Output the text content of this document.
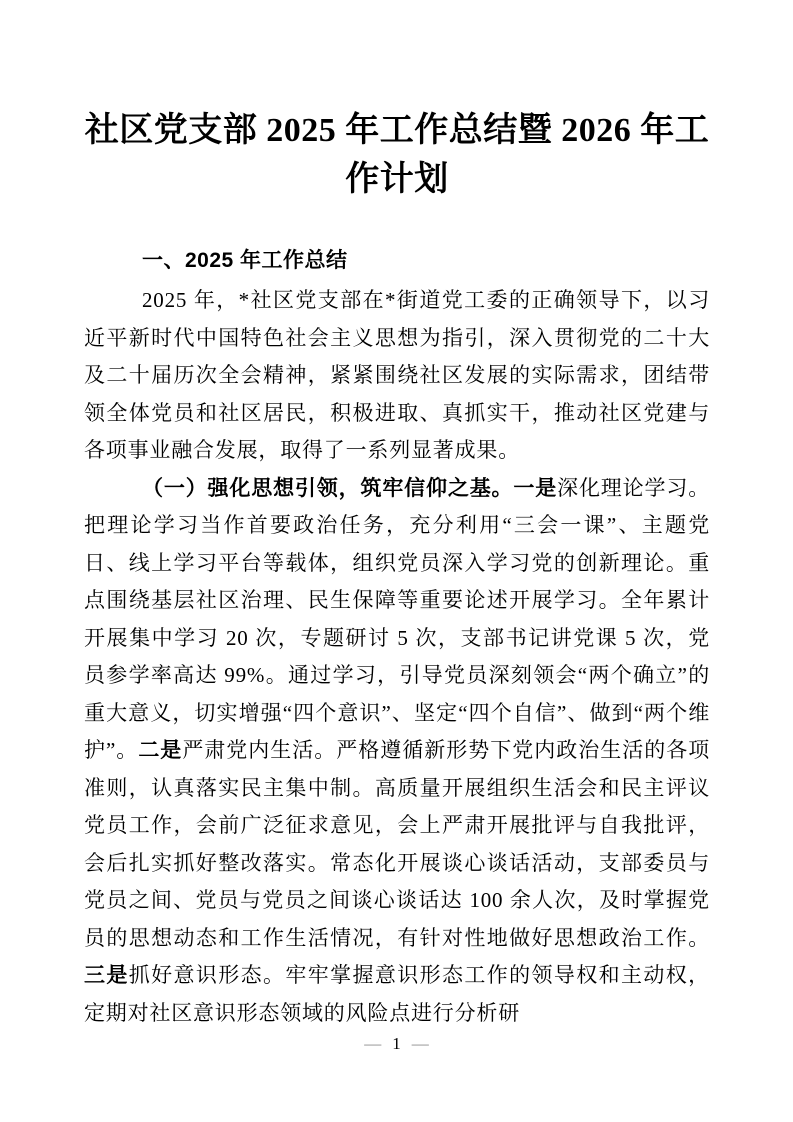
社区党支部 2025 年工作总结暨 2026 年工作计划
一、2025 年工作总结

2025 年，*社区党支部在*街道党工委的正确领导下，以习近平新时代中国特色社会主义思想为指引，深入贯彻党的二十大及二十届历次全会精神，紧紧围绕社区发展的实际需求，团结带领全体党员和社区居民，积极进取、真抓实干，推动社区党建与各项事业融合发展，取得了一系列显著成果。

（一）强化思想引领，筑牢信仰之基。一是深化理论学习。把理论学习当作首要政治任务，充分利用“三会一课”、主题党日、线上学习平台等载体，组织党员深入学习党的创新理论。重点围绕基层社区治理、民生保障等重要论述开展学习。全年累计开展集中学习 20 次，专题研讨 5 次，支部书记讲党课 5 次，党员参学率高达 99%。通过学习，引导党员深刻领会“两个确立”的重大意义，切实增强“四个意识”、坚定“四个自信”、做到“两个维护”。二是严肃党内生活。严格遵循新形势下党内政治生活的各项准则，认真落实民主集中制。高质量开展组织生活会和民主评议党员工作，会前广泛征求意见，会上严肃开展批评与自我批评，会后扎实抓好整改落实。常态化开展谈心谈话活动，支部委员与党员之间、党员与党员之间谈心谈话达 100 余人次，及时掌握党员的思想动态和工作生活情况，有针对性地做好思想政治工作。三是抓好意识形态。牢牢掌握意识形态工作的领导权和主动权，定期对社区意识形态领域的风险点进行分析研

— 1 —
